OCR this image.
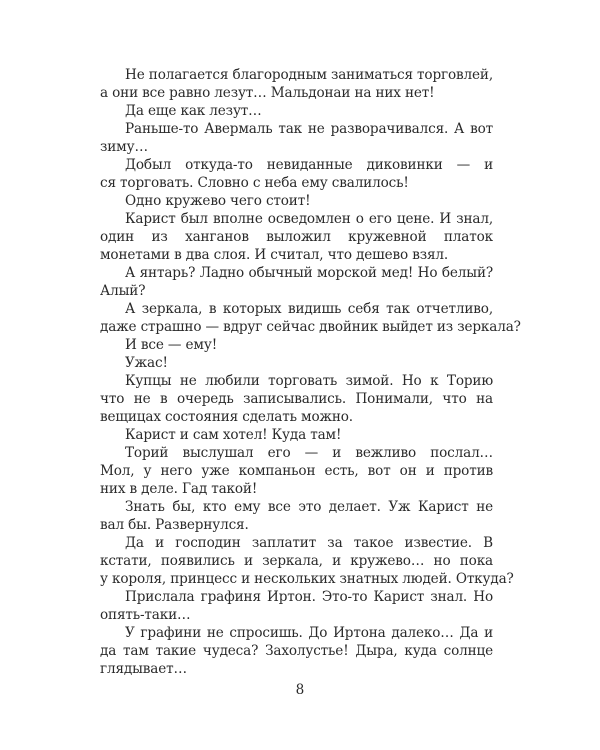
Не полагается благородным заниматься торговлей,
а они все равно лезут… Мальдонаи на них нет!
Да еще как лезут…
Раньше-то Авермаль так не разворачивался. А вот
зиму…
Добыл откуда-то невиданные диковинки — и
ся торговать. Словно с неба ему свалилось!
Одно кружево чего стоит!
Карист был вполне осведомлен о его цене. И знал,
один из ханганов выложил кружевной платок
монетами в два слоя. И считал, что дешево взял.
А янтарь? Ладно обычный морской мед! Но белый?
Алый?
А зеркала, в которых видишь себя так отчетливо,
даже страшно — вдруг сейчас двойник выйдет из зеркала?
И все — ему!
Ужас!
Купцы не любили торговать зимой. Но к Торию
что не в очередь записывались. Понимали, что на
вещицах состояния сделать можно.
Карист и сам хотел! Куда там!
Торий выслушал его — и вежливо послал…
Мол, у него уже компаньон есть, вот он и против
них в деле. Гад такой!
Знать бы, кто ему все это делает. Уж Карист не
вал бы. Развернулся.
Да и господин заплатит за такое известие. В
кстати, появились и зеркала, и кружево… но пока
у короля, принцесс и нескольких знатных людей. Откуда?
Прислала графиня Иртон. Это-то Карист знал. Но
опять-таки…
У графини не спросишь. До Иртона далеко… Да и
да там такие чудеса? Захолустье! Дыра, куда солнце
глядывает…
8
